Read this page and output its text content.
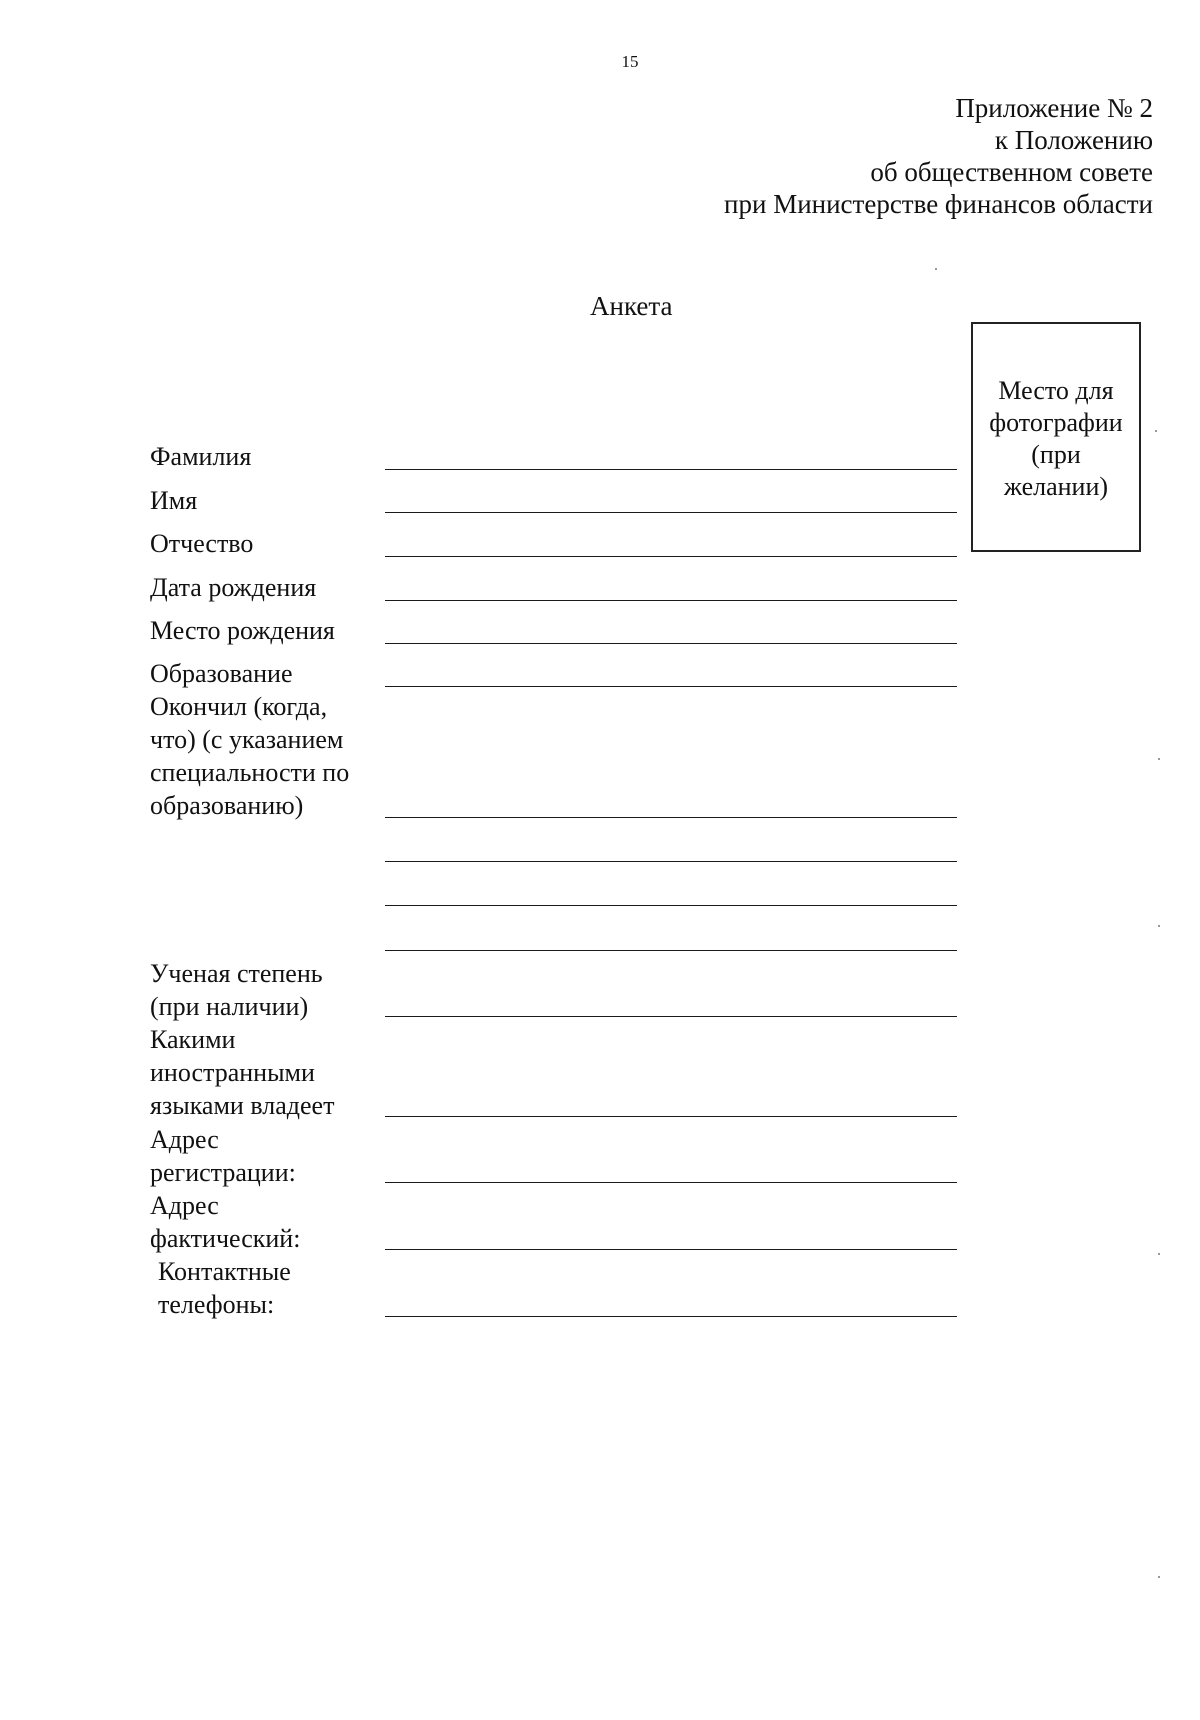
15
Приложение № 2
к Положению
об общественном совете
при Министерстве финансов области
Анкета
Место для
фотографии
(при
желании)
Фамилия
Имя
Отчество
Дата рождения
Место рождения
Образование
Окончил (когда,
что) (с указанием
специальности по
образованию)
Ученая степень
(при наличии)
Какими
иностранными
языками владеет
Адрес
регистрации:
Адрес
фактический:
Контактные
телефоны:
